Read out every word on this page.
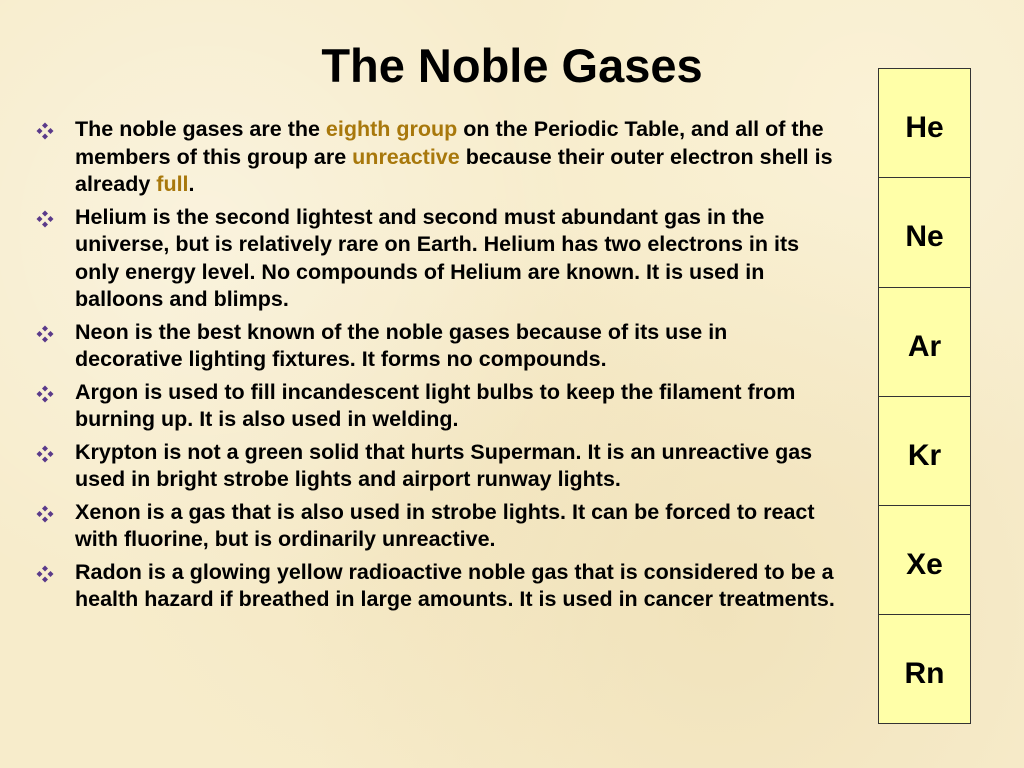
The Noble Gases
The noble gases are the eighth group on the Periodic Table, and all of the members of this group are unreactive because their outer electron shell is already full.
Helium is the second lightest and second must abundant gas in the universe, but is relatively rare on Earth. Helium has two electrons in its only energy level. No compounds of Helium are known. It is used in balloons and blimps.
Neon is the best known of the noble gases because of its use in decorative lighting fixtures. It forms no compounds.
Argon is used to fill incandescent light bulbs to keep the filament from burning up. It is also used in welding.
Krypton is not a green solid that hurts Superman. It is an unreactive gas used in bright strobe lights and airport runway lights.
Xenon is a gas that is also used in strobe lights. It can be forced to react with fluorine, but is ordinarily unreactive.
Radon is a glowing yellow radioactive noble gas that is considered to be a health hazard if breathed in large amounts. It is used in cancer treatments.
He
Ne
Ar
Kr
Xe
Rn
